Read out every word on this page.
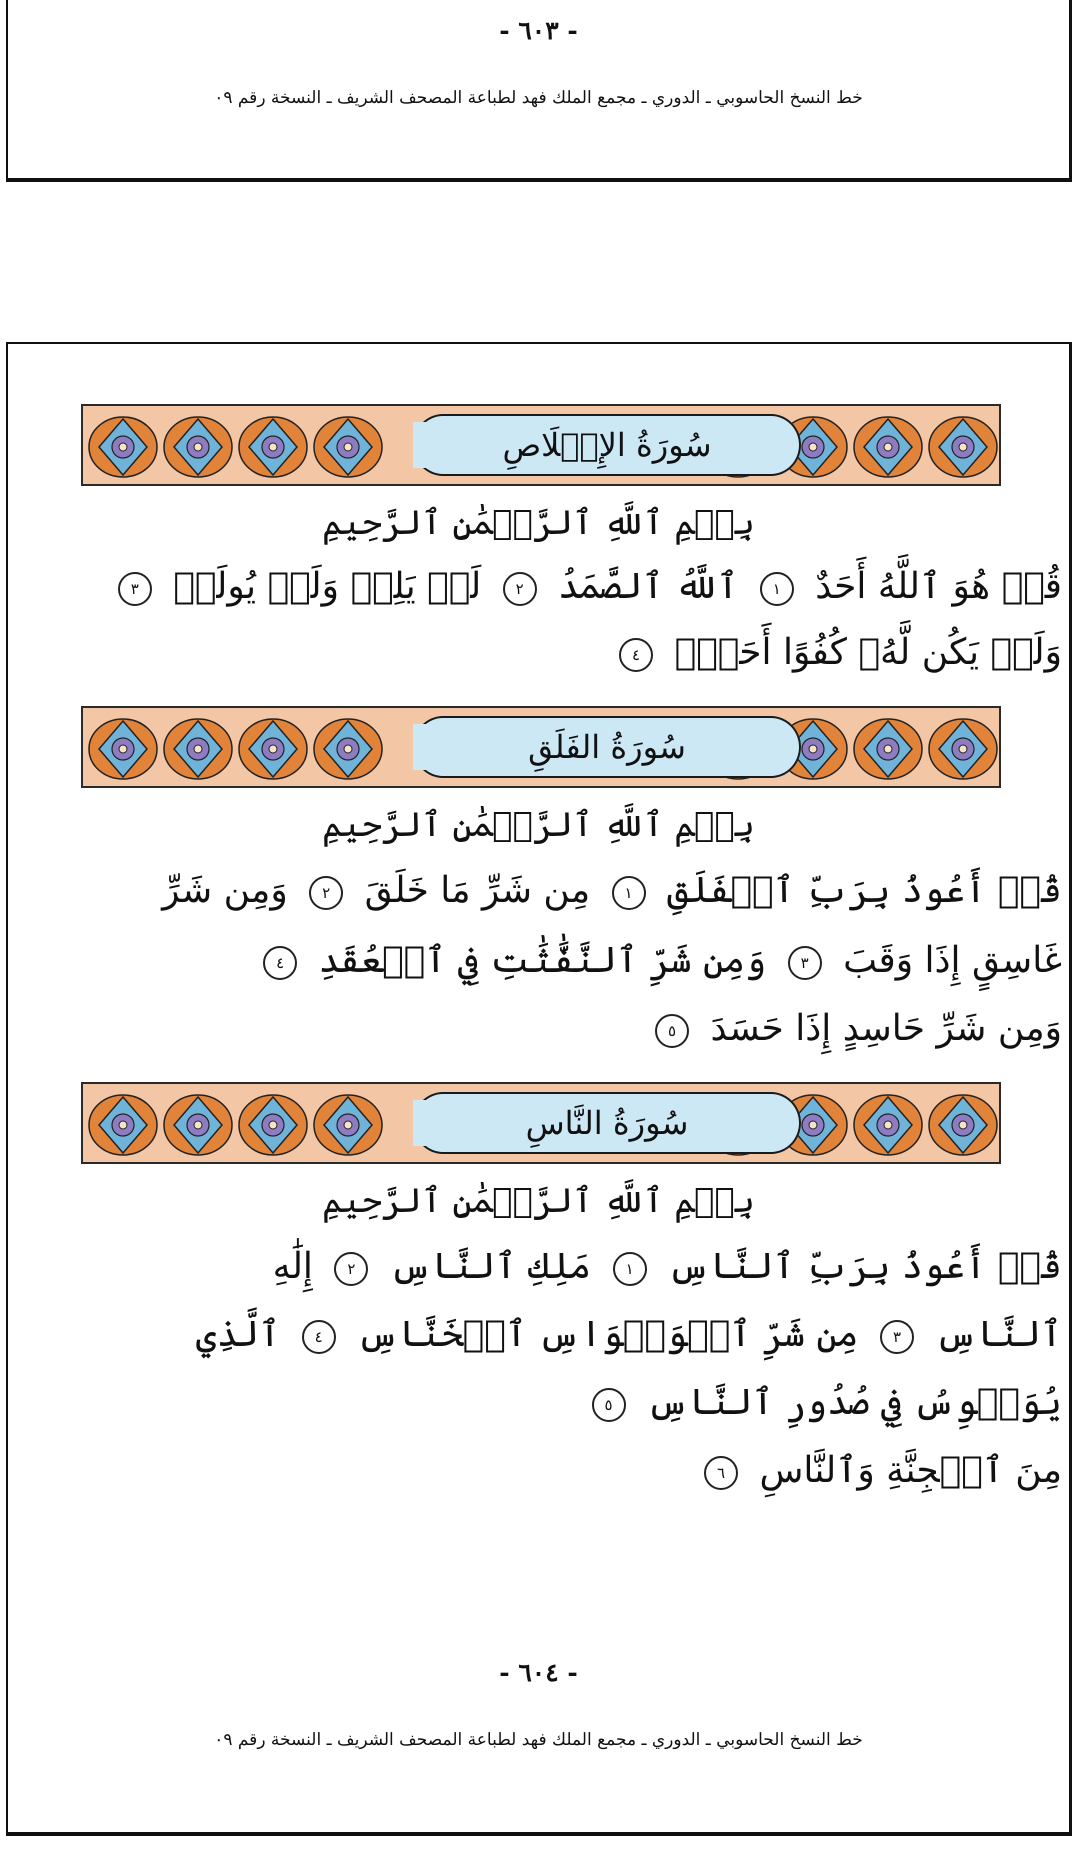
- ٦٠٣ -
خط النسخ الحاسوبي ـ الدوري ـ مجمع الملك فهد لطباعة المصحف الشريف ـ النسخة رقم ٠٩
سُورَةُ الإِخۡلَاصِ
بِسۡمِ ٱللَّهِ ٱلرَّحۡمَٰنِ ٱلرَّحِيمِ
قُلۡ هُوَ ٱللَّهُ أَحَدٌ ١ ٱللَّهُ ٱلصَّمَدُ ٢ لَمۡ يَلِدۡ وَلَمۡ يُولَدۡ ٣
وَلَمۡ يَكُن لَّهُۥ كُفُوًا أَحَدُۢ ٤
سُورَةُ الفَلَقِ
بِسۡمِ ٱللَّهِ ٱلرَّحۡمَٰنِ ٱلرَّحِيمِ
قُلۡ أَعُوذُ بِرَبِّ ٱلۡفَلَقِ ١ مِن شَرِّ مَا خَلَقَ ٢ وَمِن شَرِّ
غَاسِقٍ إِذَا وَقَبَ ٣ وَمِن شَرِّ ٱلنَّفَّٰثَٰتِ فِي ٱلۡعُقَدِ ٤
وَمِن شَرِّ حَاسِدٍ إِذَا حَسَدَ ٥
سُورَةُ النَّاسِ
بِسۡمِ ٱللَّهِ ٱلرَّحۡمَٰنِ ٱلرَّحِيمِ
قُلۡ أَعُوذُ بِرَبِّ ٱلنَّاسِ ١ مَلِكِ ٱلنَّاسِ ٢ إِلَٰهِ
ٱلنَّاسِ ٣ مِن شَرِّ ٱلۡوَسۡوَاسِ ٱلۡخَنَّاسِ ٤ ٱلَّذِي
يُوَسۡوِسُ فِي صُدُورِ ٱلنَّاسِ ٥
مِنَ ٱلۡجِنَّةِ وَٱلنَّاسِ ٦
- ٦٠٤ -
خط النسخ الحاسوبي ـ الدوري ـ مجمع الملك فهد لطباعة المصحف الشريف ـ النسخة رقم ٠٩
